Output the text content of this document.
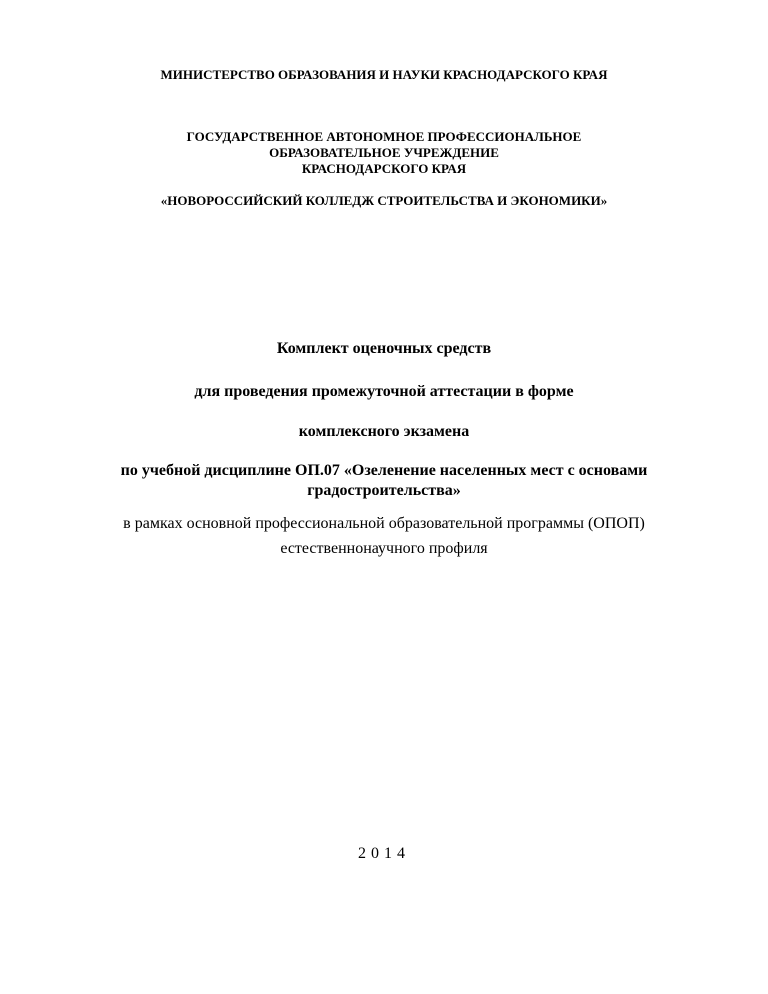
МИНИСТЕРСТВО ОБРАЗОВАНИЯ И НАУКИ КРАСНОДАРСКОГО КРАЯ
ГОСУДАРСТВЕННОЕ АВТОНОМНОЕ ПРОФЕССИОНАЛЬНОЕ
ОБРАЗОВАТЕЛЬНОЕ УЧРЕЖДЕНИЕ
КРАСНОДАРСКОГО КРАЯ
«НОВОРОССИЙСКИЙ КОЛЛЕДЖ СТРОИТЕЛЬСТВА И ЭКОНОМИКИ»
Комплект оценочных средств
для проведения промежуточной аттестации в форме
комплексного экзамена
по учебной дисциплине ОП.07 «Озеленение населенных мест с основами
градостроительства»
в рамках основной профессиональной образовательной программы (ОПОП)
естественнонаучного профиля
2014
